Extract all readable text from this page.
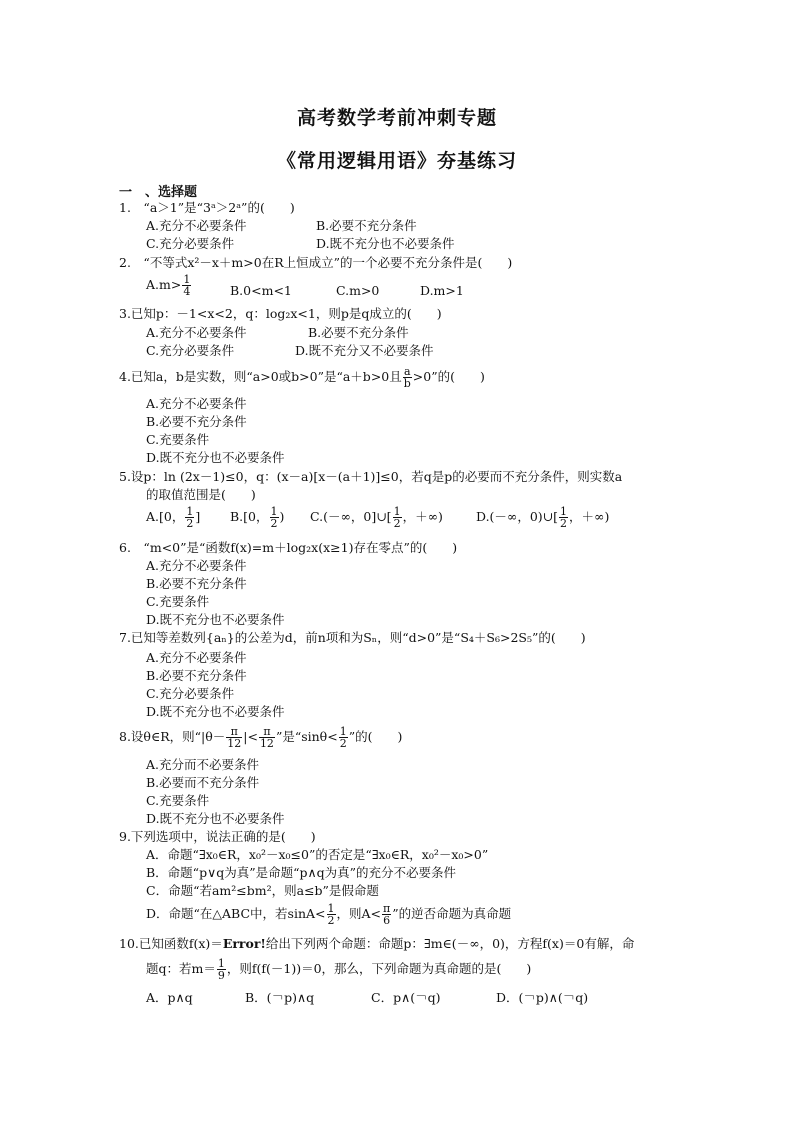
高考数学考前冲刺专题
《常用逻辑用语》夯基练习
一　、选择题
1.　“a＞1”是“3ᵃ＞2ᵃ”的(　　)
A.充分不必要条件	B.必要不充分条件
C.充分必要条件	D.既不充分也不必要条件
2.　“不等式x²－x＋m>0在R上恒成立”的一个必要不充分条件是(　　)
$A.m> \frac{1}{4}$	B.0<m<1	C.m>0	D.m>1
3.已知p：－1<x<2，q：log₂x<1，则p是q成立的(　　)
A.充分不必要条件	B.必要不充分条件
C.充分必要条件	D.既不充分又不必要条件
4.已知a，b是实数，则“a>0或b>0”是“a＋b>0且 $\frac{a}{b} >0$”的(　　)
A.充分不必要条件
B.必要不充分条件
C.充要条件
D.既不充分也不必要条件
5.设p：ln (2x－1)≤0，q：(x－a)[x－(a＋1)]≤0，若q是p的必要而不充分条件，则实数a
的取值范围是(　　)
A.[0， $\frac{1}{2}$ ] B.[0， $\frac{1}{2}$ ) C.(－∞，0]∪[ $\frac{1}{2}$ ，＋∞)	D.(－∞，0)∪[ $\frac{1}{2}$ ，＋∞)
6.　“m<0”是“函数f(x)=m＋log₂x(x≥1)存在零点”的(　　)
A.充分不必要条件
B.必要不充分条件
C.充要条件
D.既不充分也不必要条件
7.已知等差数列{aₙ}的公差为d，前n项和为Sₙ，则“d>0”是“S₄＋S₆>2S₅”的(　　)
A.充分不必要条件
B.必要不充分条件
C.充分必要条件
D.既不充分也不必要条件
8.设θ∈R，则“$|\theta- \frac{\pi}{12}$ |< $\frac{\pi}{12}$ ”是“$\sin\theta< \frac{1}{2}$ ”的(　　)
A.充分而不必要条件
B.必要而不充分条件
C.充要条件
D.既不充分也不必要条件
9.下列选项中，说法正确的是(　　)
A．命题“∃x₀∈R，x₀²－x₀≤0”的否定是“∃x₀∈R，x₀²－x₀>0”
B．命题“p∨q为真”是命题“p∧q为真”的充分不必要条件
C．命题“若am²≤bm²，则a≤b”是假命题
D．命题“在△ABC中，若$\sin A< \frac{1}{2}$ ，则$A< \frac{\pi}{6}$ ”的逆否命题为真命题
10.已知函数f(x)＝Error!给出下列两个命题：命题p：∃m∈(－∞，0)，方程f(x)＝0有解，命
题q：若$m= \frac{1}{9}$ ，则f(f(－1))＝0，那么，下列命题为真命题的是(　　)
A．p∧q	B．(￢p)∧q	C．p∧(￢q)	D．(￢p)∧(￢q)
